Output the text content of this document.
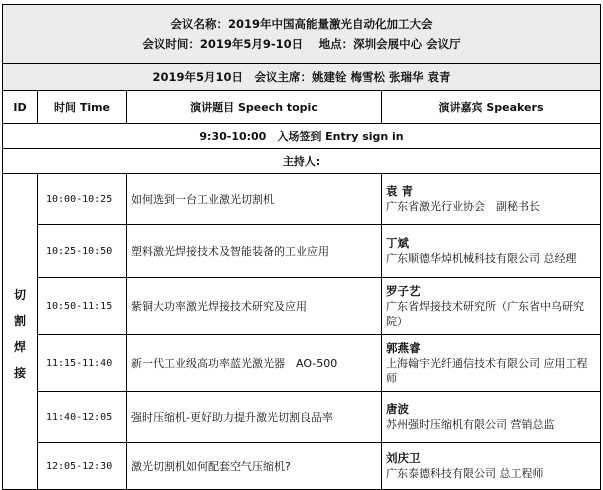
会议名称：2019年中国高能量激光自动化加工大会
会议时间：2019年5月9-10日　 地点：深圳会展中心 会议厅			

2019年5月10日　会议主席：姚建铨 梅雪松 张瑞华 袁青			
ID	时间 Time	演讲题目 Speech topic	演讲嘉宾 Speakers
9:30-10:00　入场签到 Entry sign in			
主持人:			

切
割
焊
接	10:00-10:25	如何选到一台工业激光切割机	袁 青
广东省激光行业协会　副秘书长

	10:25-10:50	塑料激光焊接技术及智能装备的工业应用	丁斌
广东顺德华焯机械科技有限公司 总经理

	10:50-11:15	紫铜大功率激光焊接技术研究及应用	罗子艺
广东省焊接技术研究所（广东省中乌研究院）

	11:15-11:40	新一代工业级高功率蓝光激光器　AO-500	郭燕睿
上海翰宇光纤通信技术有限公司 应用工程师

	11:40-12:05	强时压缩机-更好助力提升激光切割良品率	唐波
苏州强时压缩机有限公司 营销总监

	12:05-12:30	激光切割机如何配套空气压缩机?	刘庆卫
广东泰德科技有限公司 总工程师
